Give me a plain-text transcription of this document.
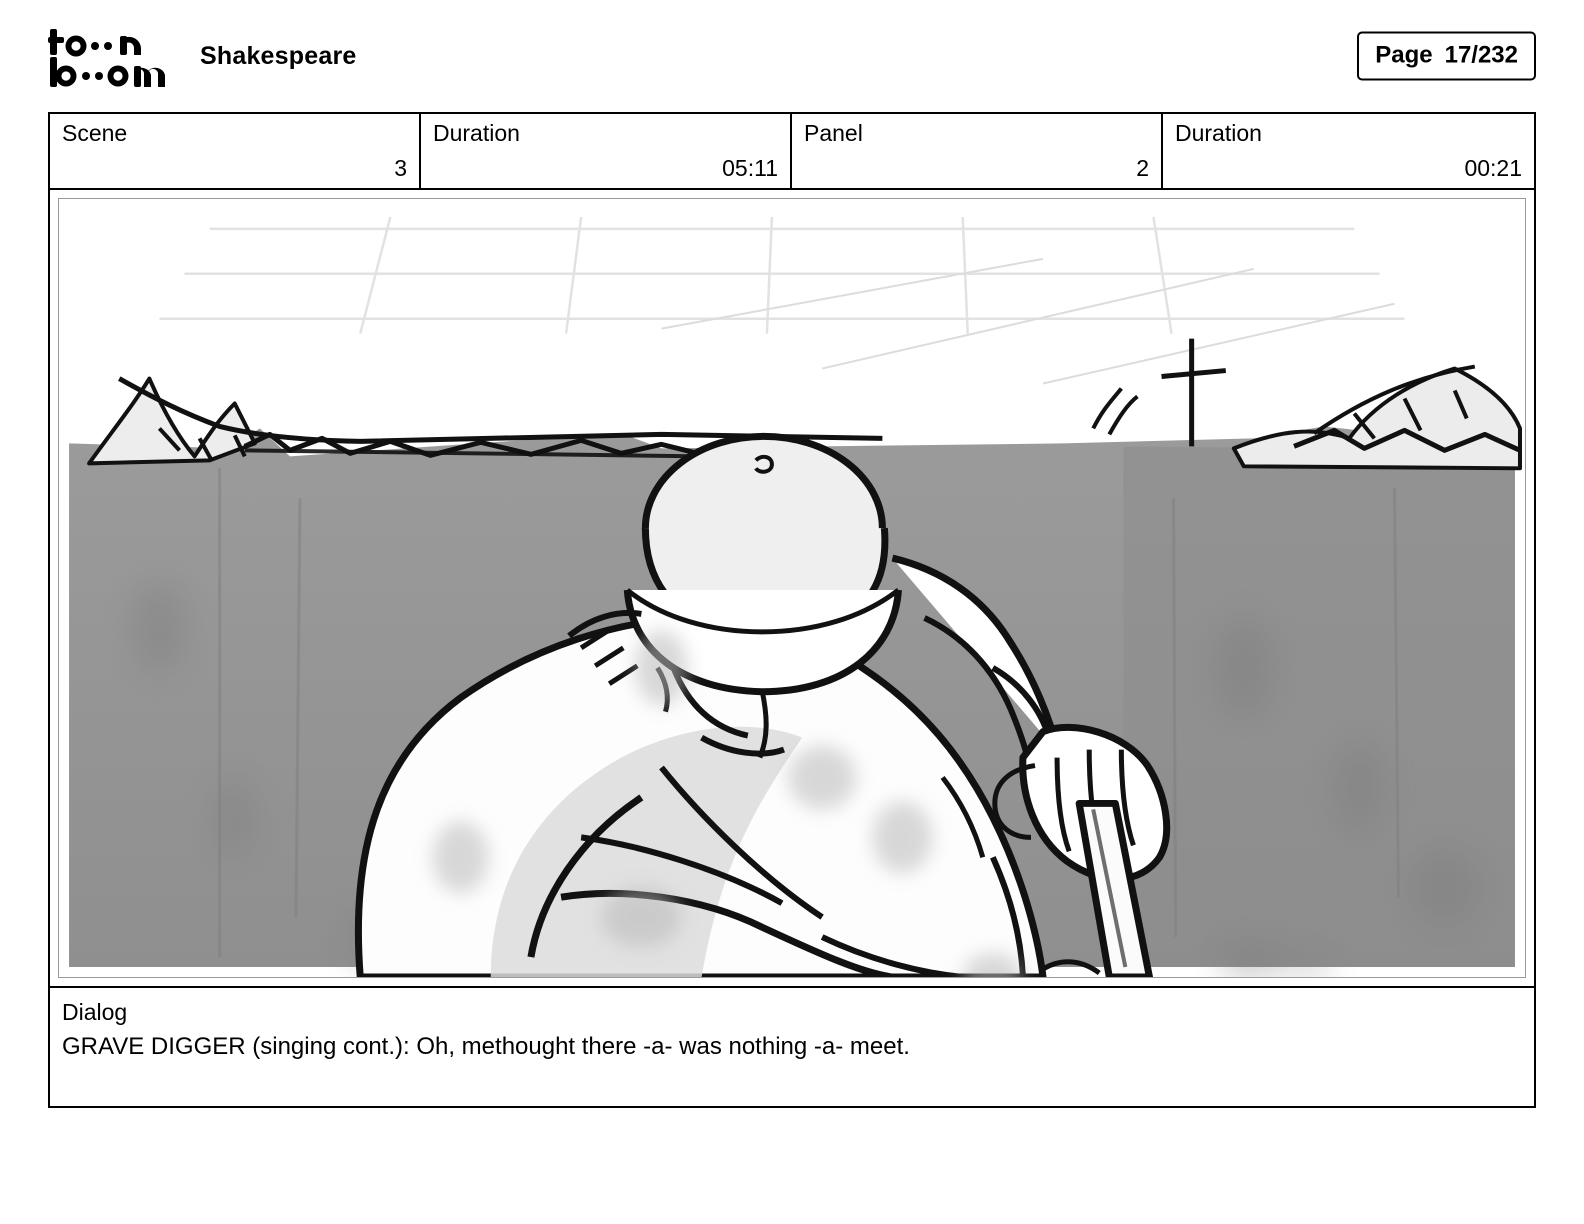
Shakespeare	Page 17/232
Scene
3
Duration
05:11
Panel
2
Duration
00:21
Dialog
GRAVE DIGGER (singing cont.): Oh, methought there -a- was nothing -a- meet.
